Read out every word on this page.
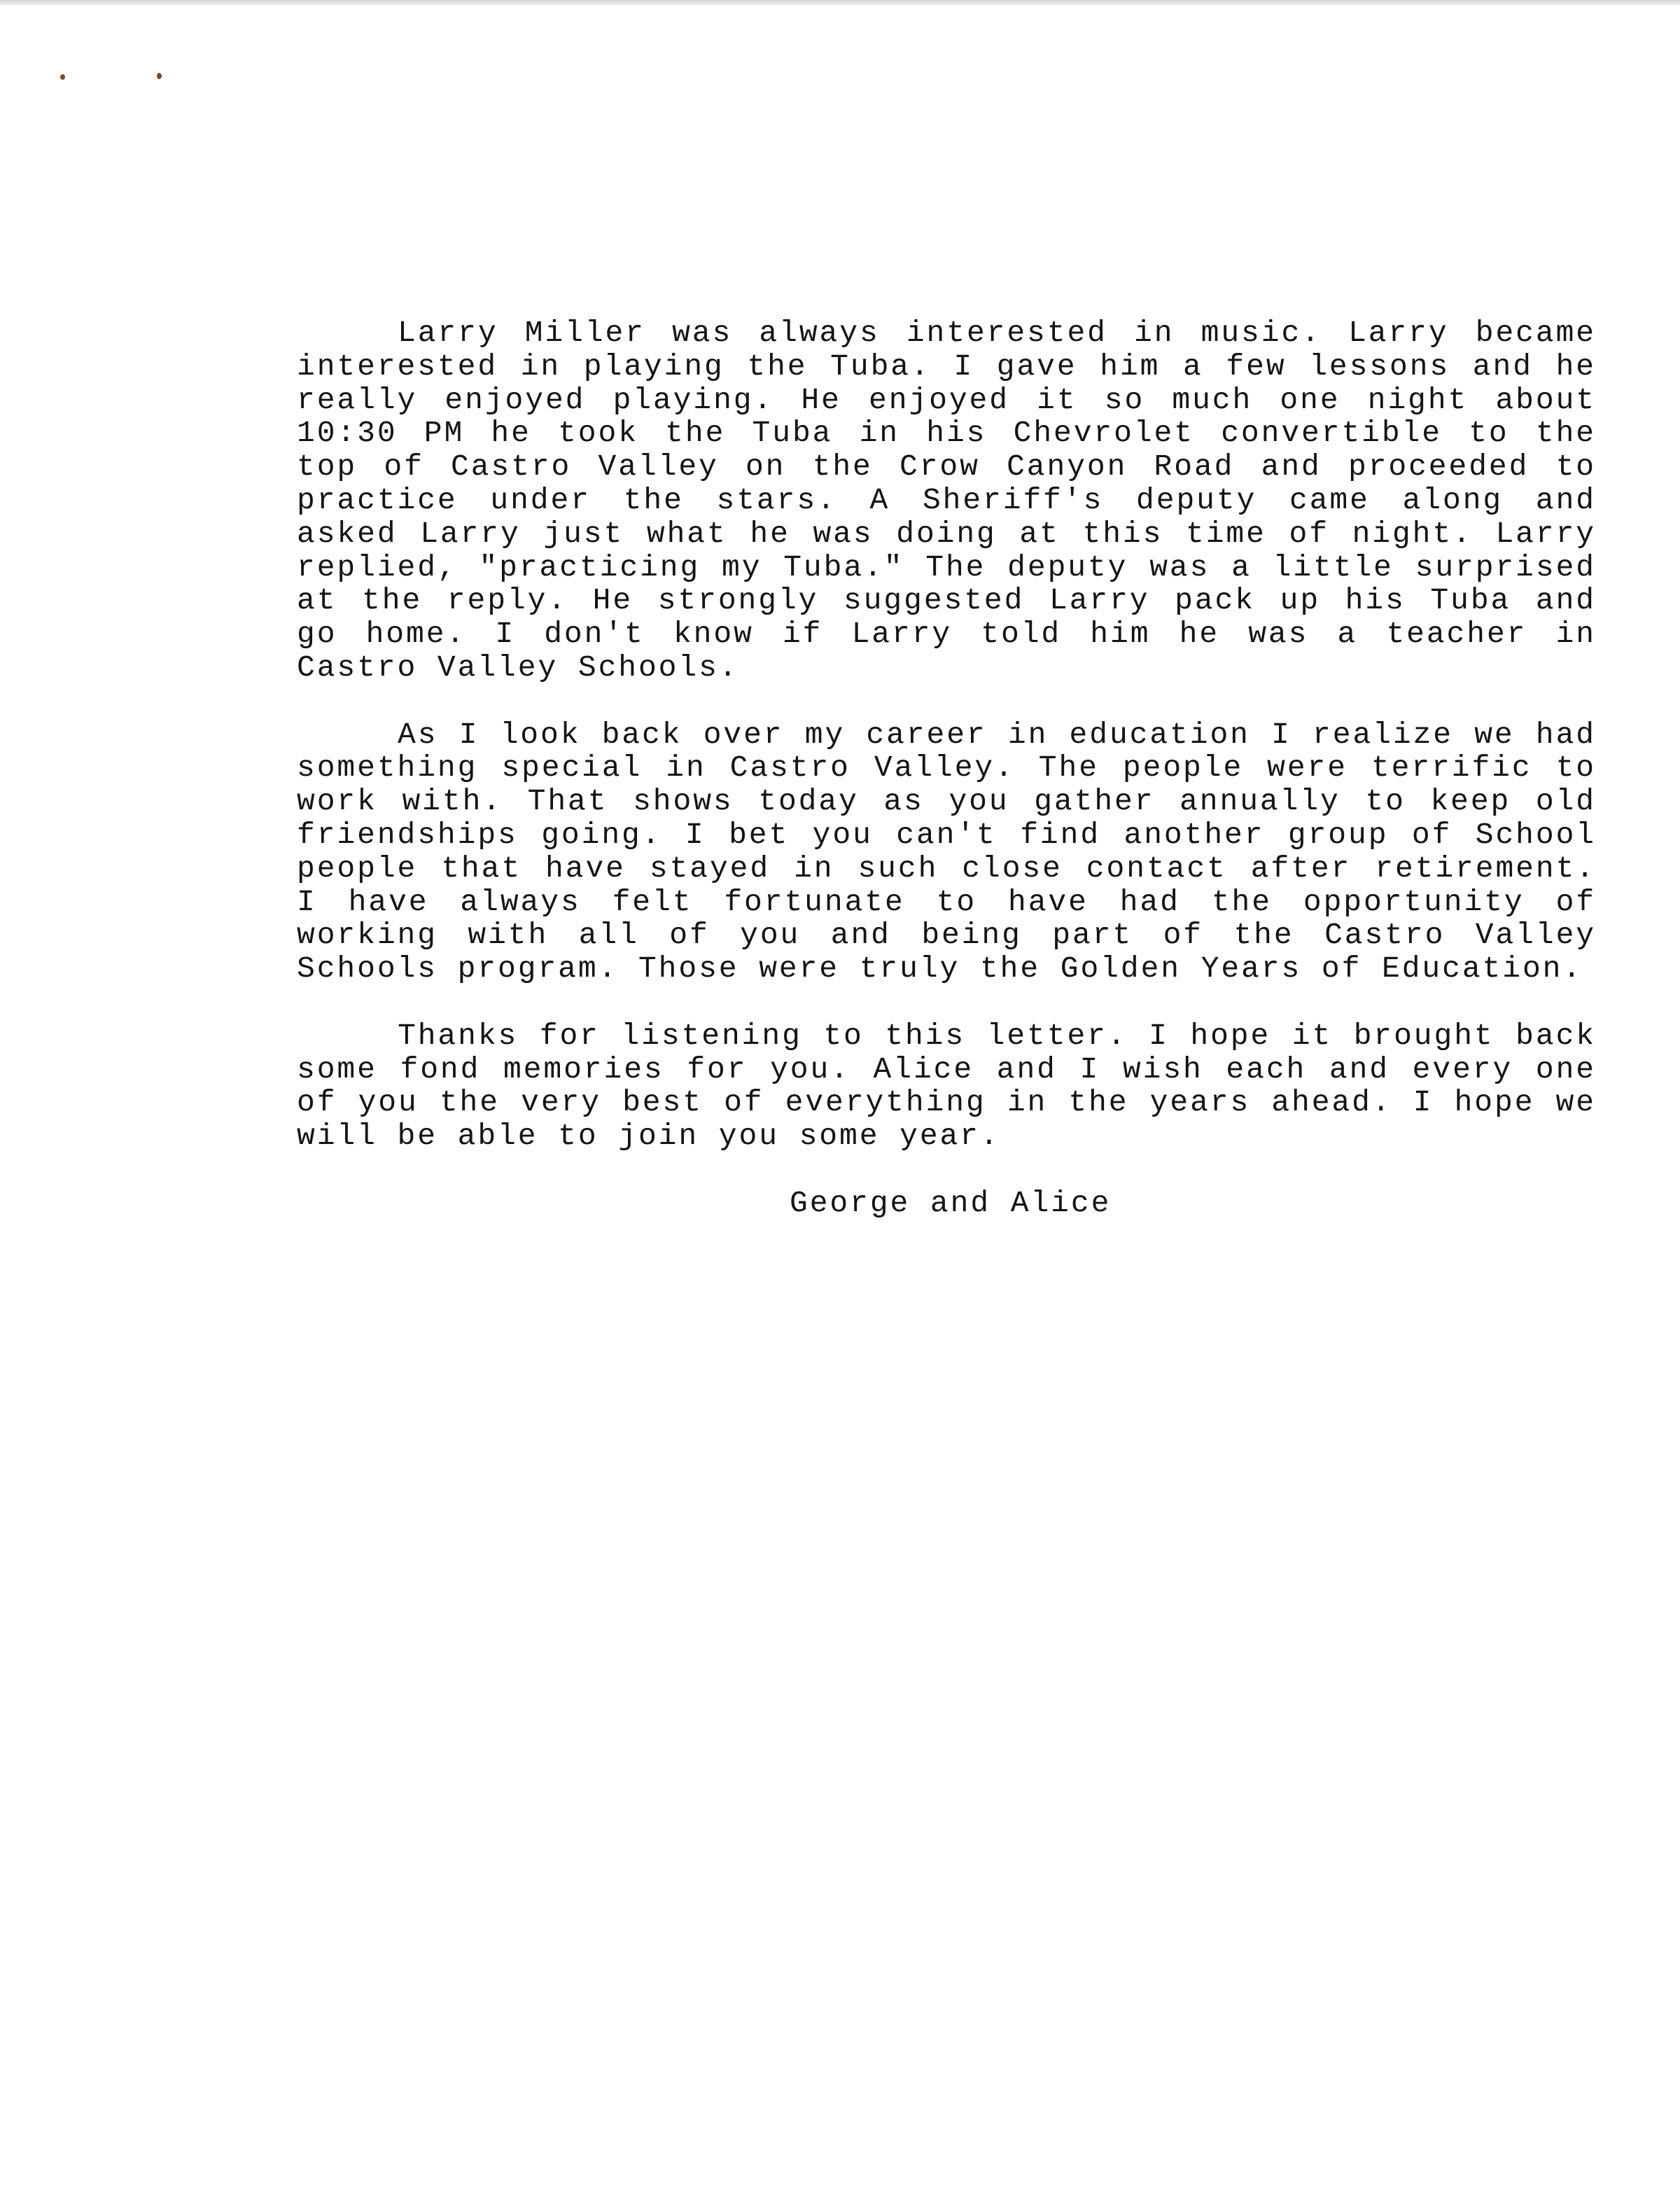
Larry Miller was always interested in music. Larry became interested in playing the Tuba. I gave him a few lessons and he really enjoyed playing. He enjoyed it so much one night about 10:30 PM he took the Tuba in his Chevrolet convertible to the top of Castro Valley on the Crow Canyon Road and proceeded to practice under the stars. A Sheriff's deputy came along and asked Larry just what he was doing at this time of night. Larry replied, "practicing my Tuba." The deputy was a little surprised at the reply. He strongly suggested Larry pack up his Tuba and go home. I don't know if Larry told him he was a teacher in Castro Valley Schools.

As I look back over my career in education I realize we had something special in Castro Valley. The people were terrific to work with. That shows today as you gather annually to keep old friendships going. I bet you can't find another group of School people that have stayed in such close contact after retirement. I have always felt fortunate to have had the opportunity of working with all of you and being part of the Castro Valley Schools program. Those were truly the Golden Years of Education.

Thanks for listening to this letter. I hope it brought back some fond memories for you. Alice and I wish each and every one of you the very best of everything in the years ahead. I hope we will be able to join you some year.

George and Alice
